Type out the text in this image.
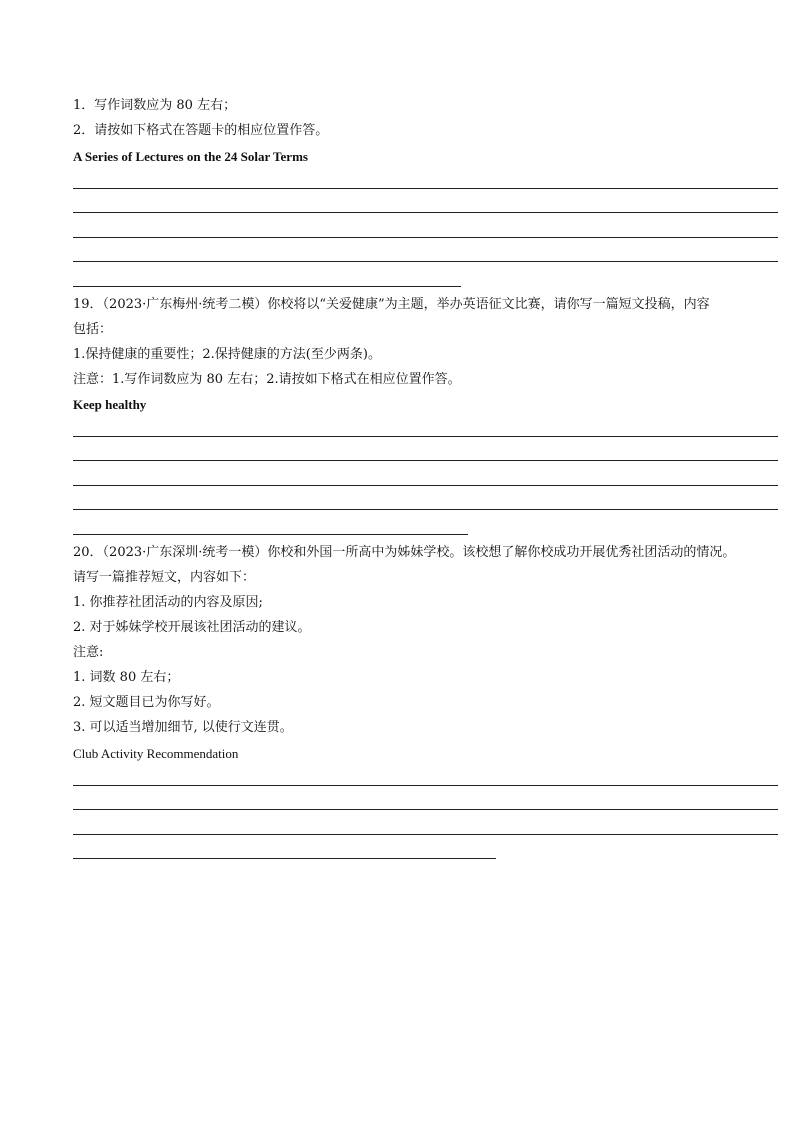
1．写作词数应为 80 左右；
2．请按如下格式在答题卡的相应位置作答。
A Series of Lectures on the 24 Solar Terms
19．（2023·广东梅州·统考二模）你校将以“关爱健康”为主题，举办英语征文比赛，请你写一篇短文投稿，内容
包括：
1.保持健康的重要性；2.保持健康的方法(至少两条)。
注意：1.写作词数应为 80 左右；2.请按如下格式在相应位置作答。
Keep healthy
20．（2023·广东深圳·统考一模）你校和外国一所高中为姊妹学校。该校想了解你校成功开展优秀社团活动的情况。
请写一篇推荐短文，内容如下：
1. 你推荐社团活动的内容及原因;
2. 对于姊妹学校开展该社团活动的建议。
注意:
1. 词数 80 左右；
2. 短文题目已为你写好。
3. 可以适当增加细节, 以使行文连贯。
Club Activity Recommendation
